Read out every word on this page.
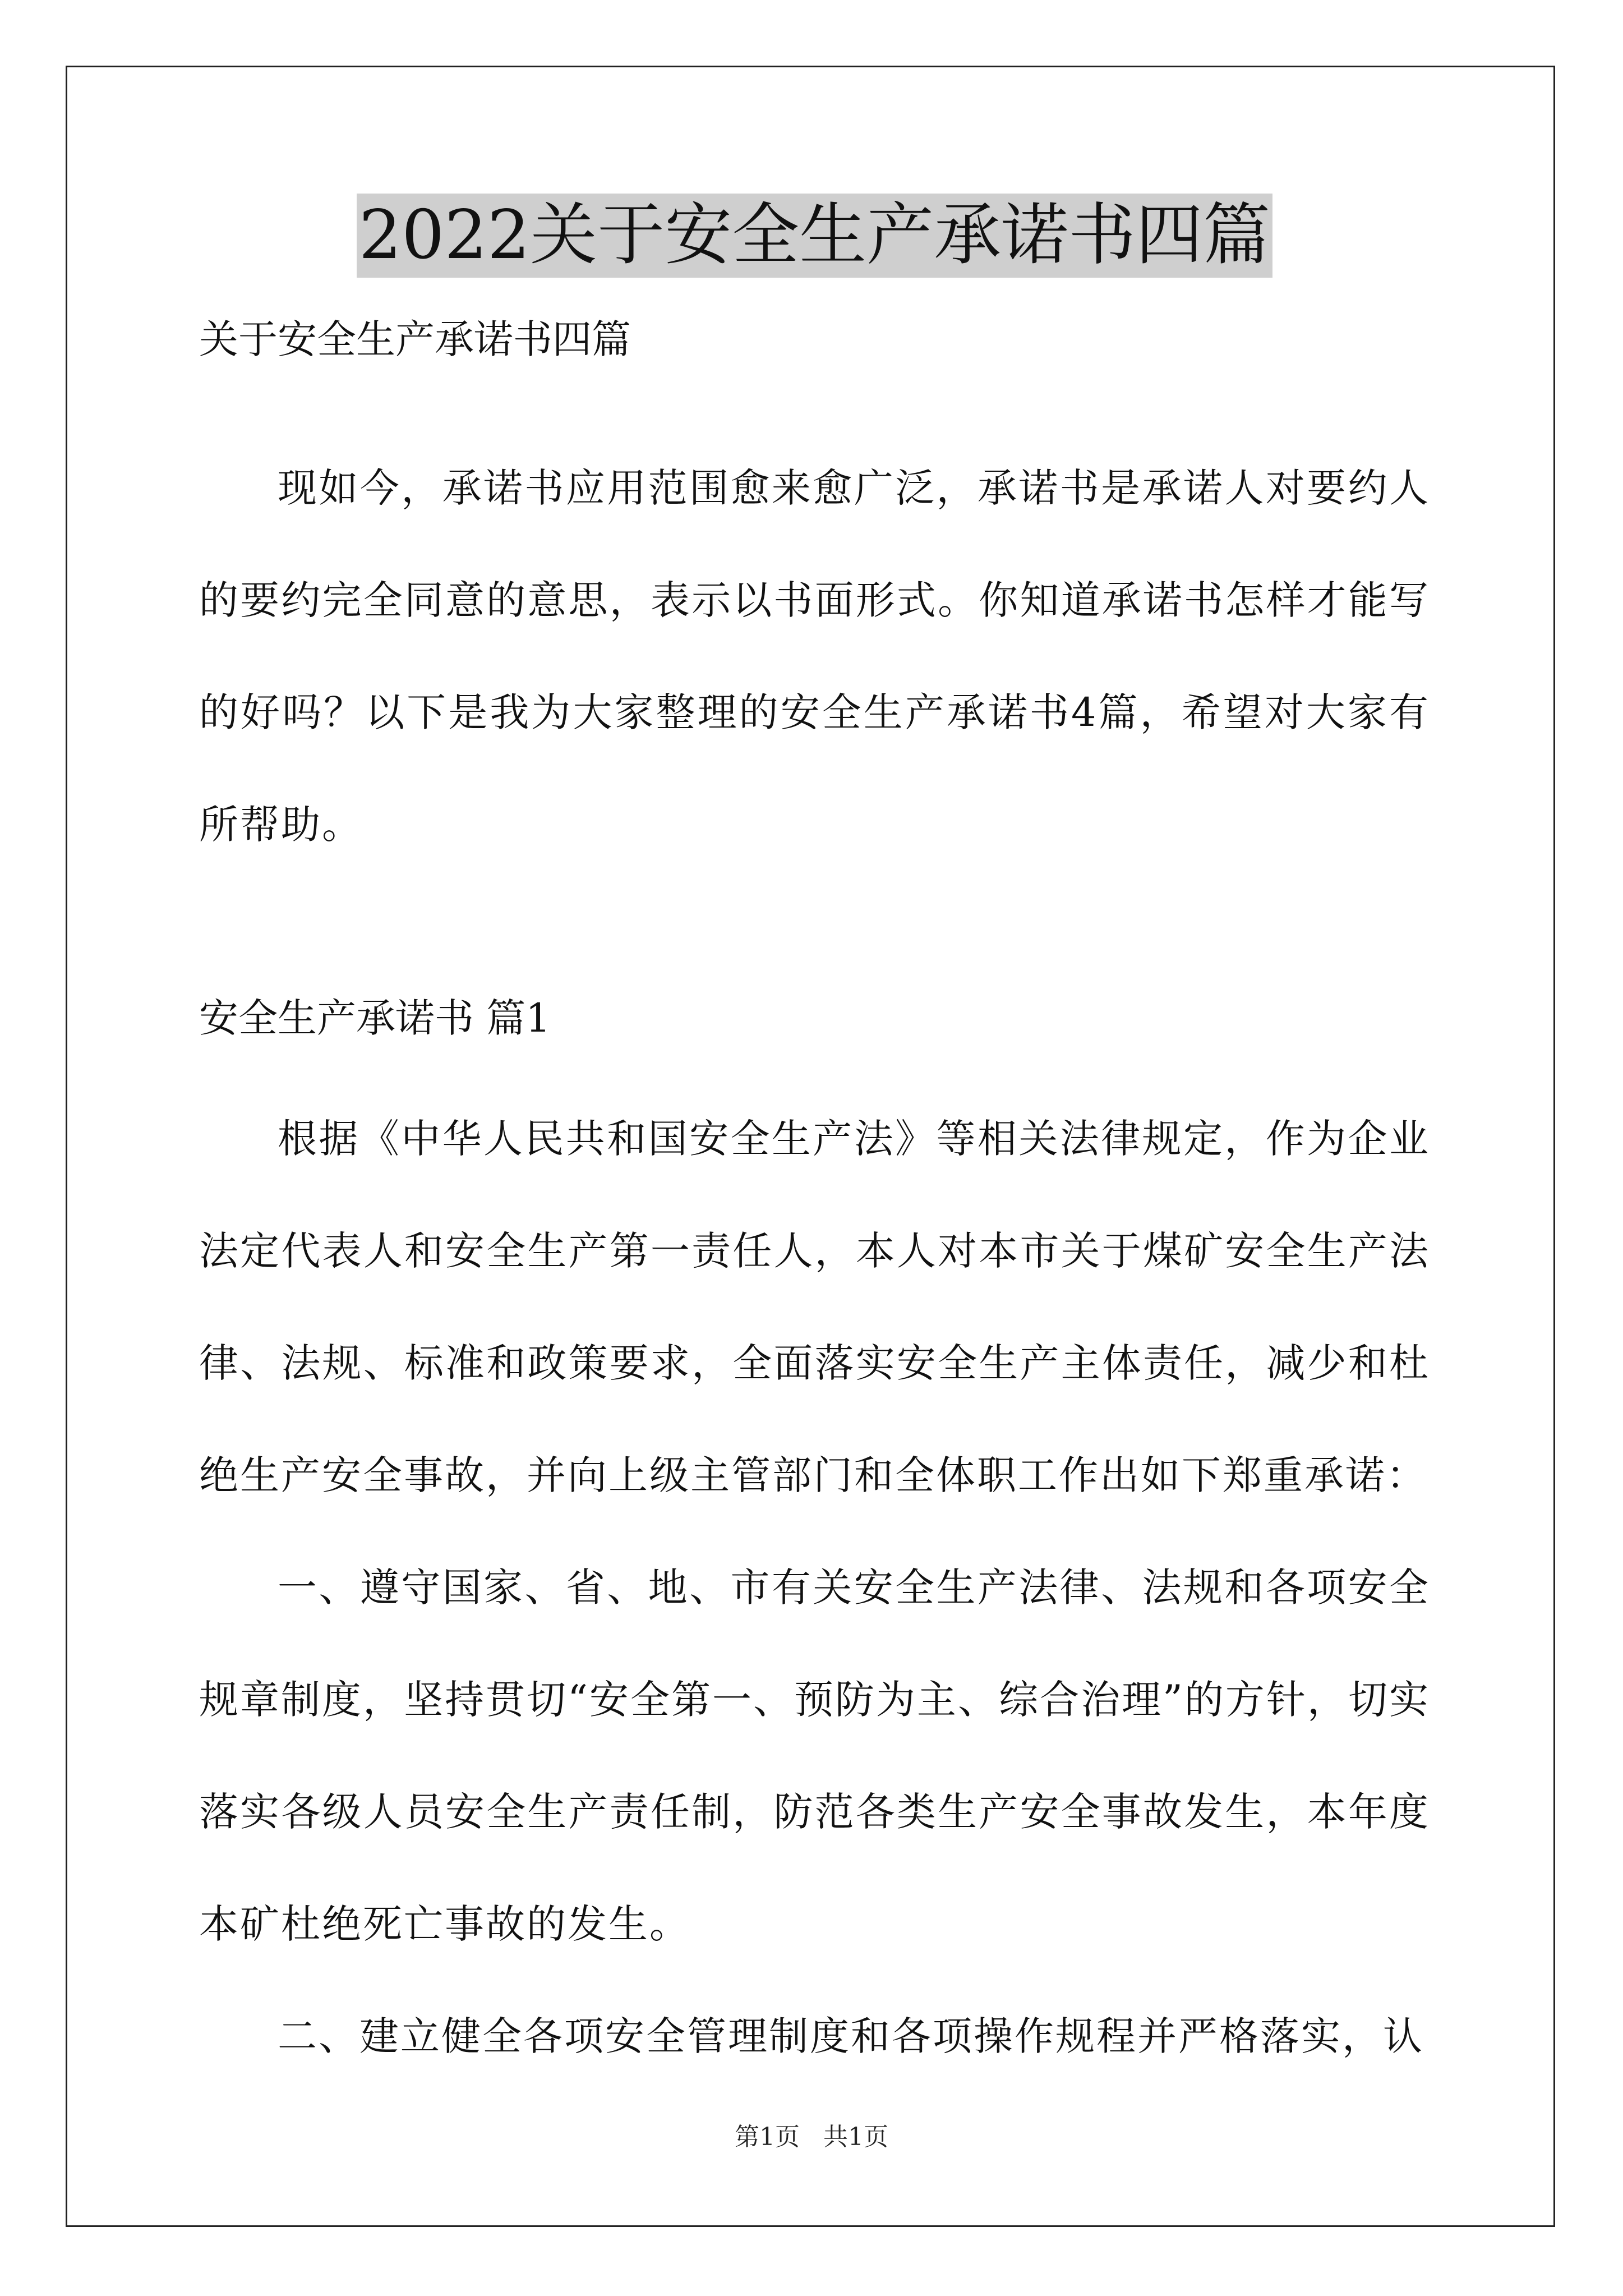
2022关于安全生产承诺书四篇
关于安全生产承诺书四篇
现如今，承诺书应用范围愈来愈广泛，承诺书是承诺人对要约人的要约完全同意的意思，表示以书面形式。你知道承诺书怎样才能写的好吗？以下是我为大家整理的安全生产承诺书4篇，希望对大家有所帮助。
安全生产承诺书 篇1
根据《中华人民共和国安全生产法》等相关法律规定，作为企业法定代表人和安全生产第一责任人，本人对本市关于煤矿安全生产法律、法规、标准和政策要求，全面落实安全生产主体责任，减少和杜绝生产安全事故，并向上级主管部门和全体职工作出如下郑重承诺：
一、遵守国家、省、地、市有关安全生产法律、法规和各项安全规章制度，坚持贯切“安全第一、预防为主、综合治理”的方针，切实落实各级人员安全生产责任制，防范各类生产安全事故发生，本年度本矿杜绝死亡事故的发生。
二、建立健全各项安全管理制度和各项操作规程并严格落实，认
第1页   共1页
